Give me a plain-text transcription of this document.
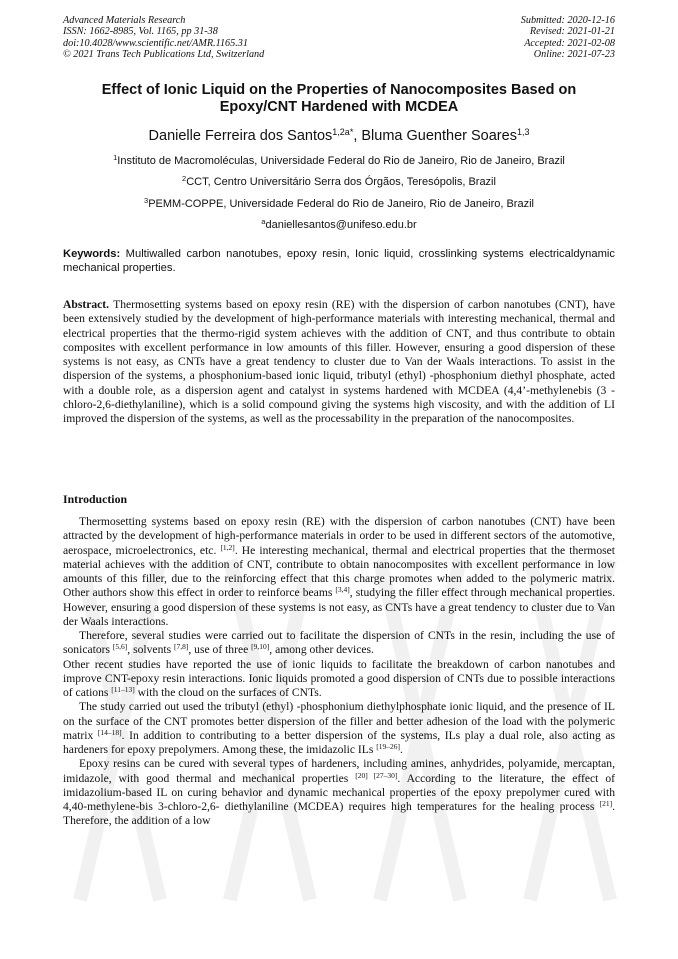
Advanced Materials Research
ISSN: 1662-8985, Vol. 1165, pp 31-38
doi:10.4028/www.scientific.net/AMR.1165.31
© 2021 Trans Tech Publications Ltd, Switzerland
Submitted: 2020-12-16
Revised: 2021-01-21
Accepted: 2021-02-08
Online: 2021-07-23
Effect of Ionic Liquid on the Properties of Nanocomposites Based on
Epoxy/CNT Hardened with MCDEA
Danielle Ferreira dos Santos$^{1,2a*}$, Bluma Guenther Soares$^{1,3}$
$^1$Instituto de Macromoléculas, Universidade Federal do Rio de Janeiro, Rio de Janeiro, Brazil
$^2$CCT, Centro Universitário Serra dos Órgãos, Teresópolis, Brazil
$^3$PEMM-COPPE, Universidade Federal do Rio de Janeiro, Rio de Janeiro, Brazil
$^a$daniellesantos@unifeso.edu.br
Keywords: Multiwalled carbon nanotubes, epoxy resin, Ionic liquid, crosslinking systems electricaldynamic mechanical properties.

Abstract. Thermosetting systems based on epoxy resin (RE) with the dispersion of carbon nanotubes (CNT), have been extensively studied by the development of high-performance materials with interesting mechanical, thermal and electrical properties that the thermo-rigid system achieves with the addition of CNT, and thus contribute to obtain composites with excellent performance in low amounts of this filler. However, ensuring a good dispersion of these systems is not easy, as CNTs have a great tendency to cluster due to Van der Waals interactions. To assist in the dispersion of the systems, a phosphonium-based ionic liquid, tributyl (ethyl) -phosphonium diethyl phosphate, acted with a double role, as a dispersion agent and catalyst in systems hardened with MCDEA (4,4’-methylenebis (3 - chloro-2,6-diethylaniline), which is a solid compound giving the systems high viscosity, and with the addition of LI improved the dispersion of the systems, as well as the processability in the preparation of the nanocomposites.

Introduction

Thermosetting systems based on epoxy resin (RE) with the dispersion of carbon nanotubes (CNT) have been attracted by the development of high-performance materials in order to be used in different sectors of the automotive, aerospace, microelectronics, etc. [1,2]. He interesting mechanical, thermal and electrical properties that the thermoset material achieves with the addition of CNT, contribute to obtain nanocomposites with excellent performance in low amounts of this filler, due to the reinforcing effect that this charge promotes when added to the polymeric matrix. Other authors show this effect in order to reinforce beams [3,4], studying the filler effect through mechanical properties. However, ensuring a good dispersion of these systems is not easy, as CNTs have a great tendency to cluster due to Van der Waals interactions.

Therefore, several studies were carried out to facilitate the dispersion of CNTs in the resin, including the use of sonicators [5,6], solvents [7,8], use of three [9,10], among other devices.

Other recent studies have reported the use of ionic liquids to facilitate the breakdown of carbon nanotubes and improve CNT-epoxy resin interactions. Ionic liquids promoted a good dispersion of CNTs due to possible interactions of cations [11–13] with the cloud on the surfaces of CNTs.

The study carried out used the tributyl (ethyl) -phosphonium diethylphosphate ionic liquid, and the presence of IL on the surface of the CNT promotes better dispersion of the filler and better adhesion of the load with the polymeric matrix [14–18]. In addition to contributing to a better dispersion of the systems, ILs play a dual role, also acting as hardeners for epoxy prepolymers. Among these, the imidazolic ILs [19–26].

Epoxy resins can be cured with several types of hardeners, including amines, anhydrides, polyamide, mercaptan, imidazole, with good thermal and mechanical properties [20] [27–30]. According to the literature, the effect of imidazolium-based IL on curing behavior and dynamic mechanical properties of the epoxy prepolymer cured with 4,40-methylene-bis 3-chloro-2,6- diethylaniline (MCDEA) requires high temperatures for the healing process [21]. Therefore, the addition of a low
